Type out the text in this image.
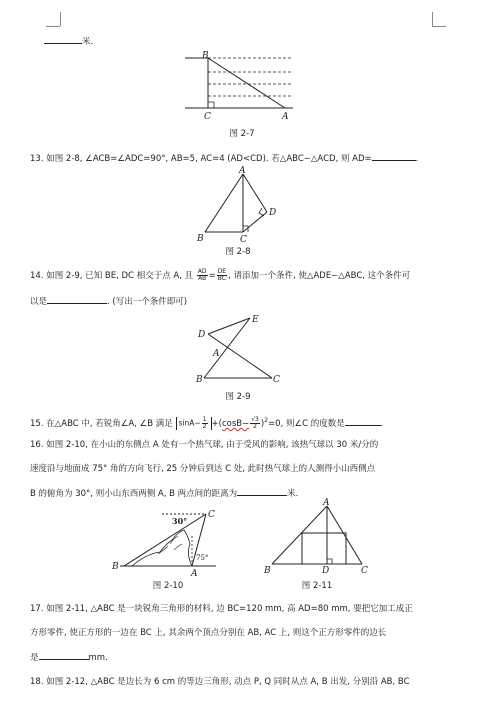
米.
B
C	A
图 2-7
13. 如图 2-8, ∠ACB=∠ADC=90°, AB=5, AC=4 (AD<CD). 若△ABC∽△ACD, 则 AD=	.
A
B	C
D
图 2-8
14. 如图 2-9, 已知 BE, DC 相交于点 A, 且 $\frac{AD}{AB} = \frac{DE}{BC}$ , 请添加一个条件, 使△ADE∽△ABC, 这个条件可
以是	. (写出一个条件即可)
D
E
A
B	C
图 2-9
15. 在△ABC 中, 若锐角∠A, ∠B 满足 $\sin A- \frac{1}{2} +(\cos B- \frac{√3}{2} )^2=0$, 则∠C 的度数是	.
16. 如图 2-10, 在小山的东侧点 A 处有一个热气球, 由于受风的影响, 该热气球以 30 米/分的
速度沿与地面成 75° 角的方向飞行, 25 分钟后到达 C 处, 此时热气球上的人测得小山西侧点
B 的俯角为 30°, 则小山东西两侧 A, B 两点间的距离为	米.
30°
75°
C
B
A
图 2-10
A
B	D	C
图 2-11
17. 如图 2-11, △ABC 是一块锐角三角形的材料, 边 BC=120 mm, 高 AD=80 mm, 要把它加工成正
方形零件, 使正方形的一边在 BC 上, 其余两个顶点分别在 AB, AC 上, 则这个正方形零件的边长
是	mm.
18. 如图 2-12, △ABC 是边长为 6 cm 的等边三角形, 动点 P, Q 同时从点 A, B 出发, 分别沿 AB, BC
